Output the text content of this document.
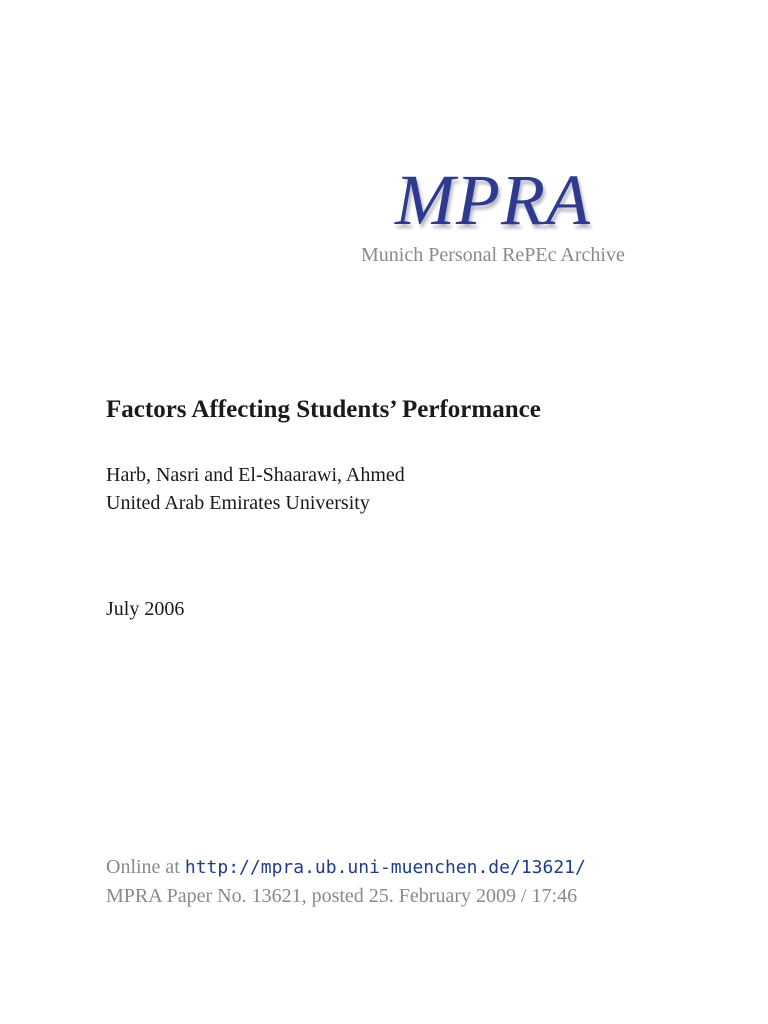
MPRA
Munich Personal RePEc Archive
Factors Affecting Students’ Performance
Harb, Nasri and El-Shaarawi, Ahmed
United Arab Emirates University
July 2006
Online at http://mpra.ub.uni-muenchen.de/13621/
MPRA Paper No. 13621, posted 25. February 2009 / 17:46
